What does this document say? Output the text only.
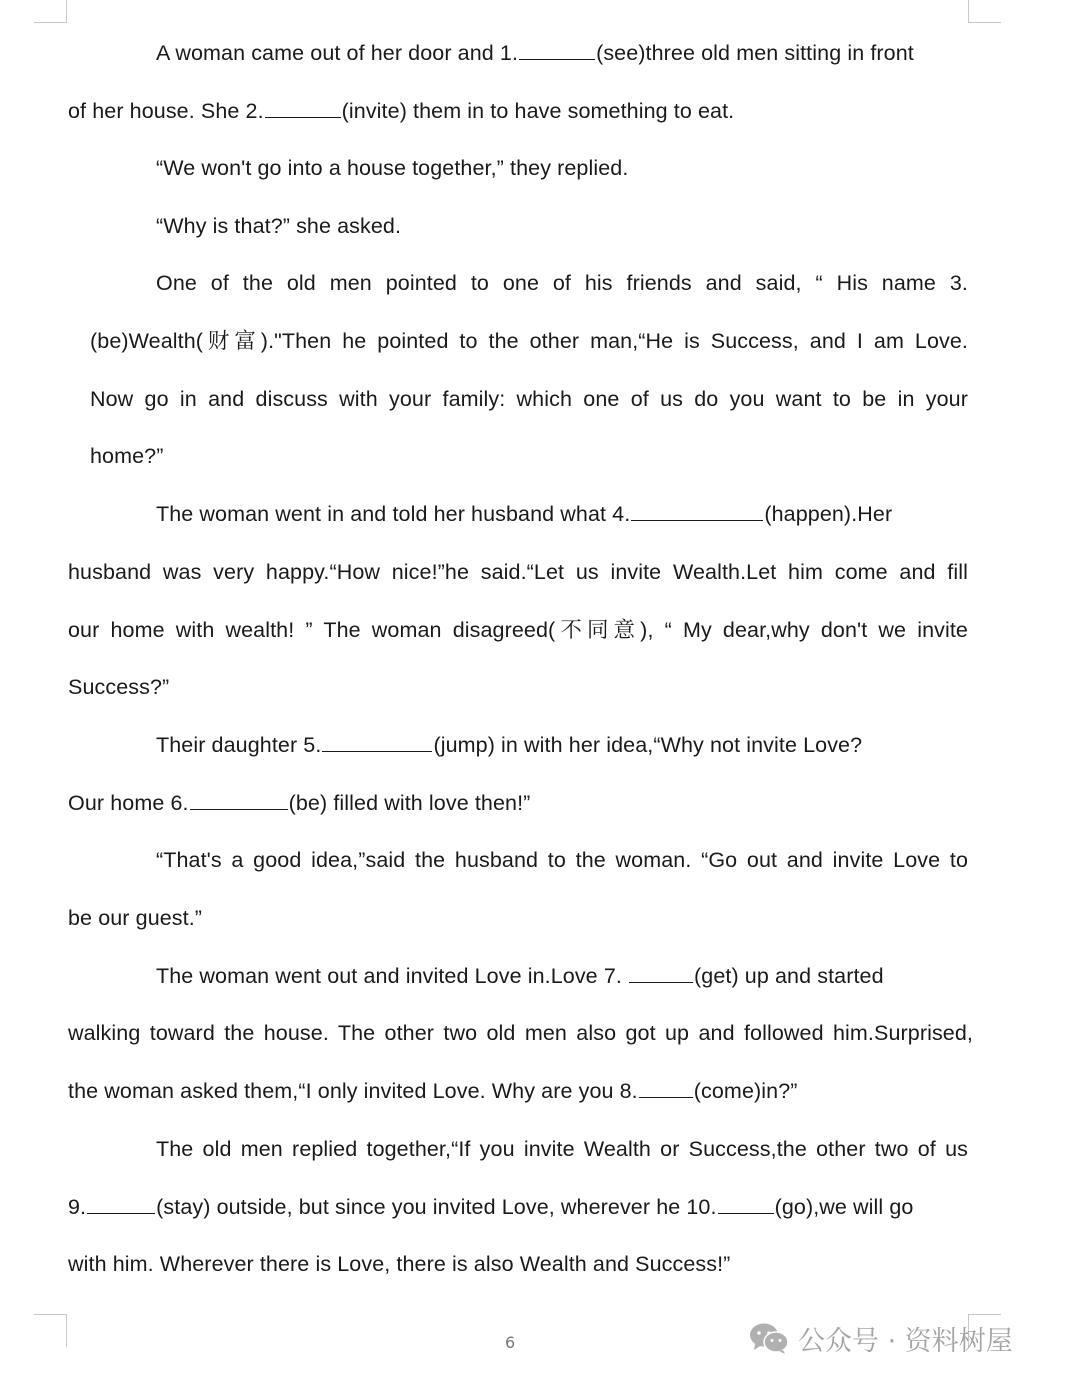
A woman came out of her door and 1.	(see)three old men sitting in front
of her house. She 2.	(invite) them in to have something to eat.
“We won't go into a house together,” they replied.
“Why is that?” she asked.
One of the old men pointed to one of his friends and said, “ His name 3.
(be)Wealth(财富)."Then he pointed to the other man,“He is Success, and I am Love.
Now go in and discuss with your family: which one of us do you want to be in your
home?”
The woman went in and told her husband what 4.	(happen).Her
husband was very happy.“How nice!”he said.“Let us invite Wealth.Let him come and fill
our home with wealth! ” The woman disagreed(不同意), “ My dear,why don't we invite
Success?”
Their daughter 5.	(jump) in with her idea,“Why not invite Love?
Our home 6.	(be) filled with love then!”
“That's a good idea,”said the husband to the woman. “Go out and invite Love to
be our guest.”
The woman went out and invited Love in.Love 7.	(get) up and started
walking toward the house. The other two old men also got up and followed him.Surprised,
the woman asked them,“I only invited Love. Why are you 8.	(come)in?”
The old men replied together,“If you invite Wealth or Success,the other two of us
9.	(stay) outside, but since you invited Love, wherever he 10.	(go),we will go
with him. Wherever there is Love, there is also Wealth and Success!”
6	公众号 · 资料树屋
